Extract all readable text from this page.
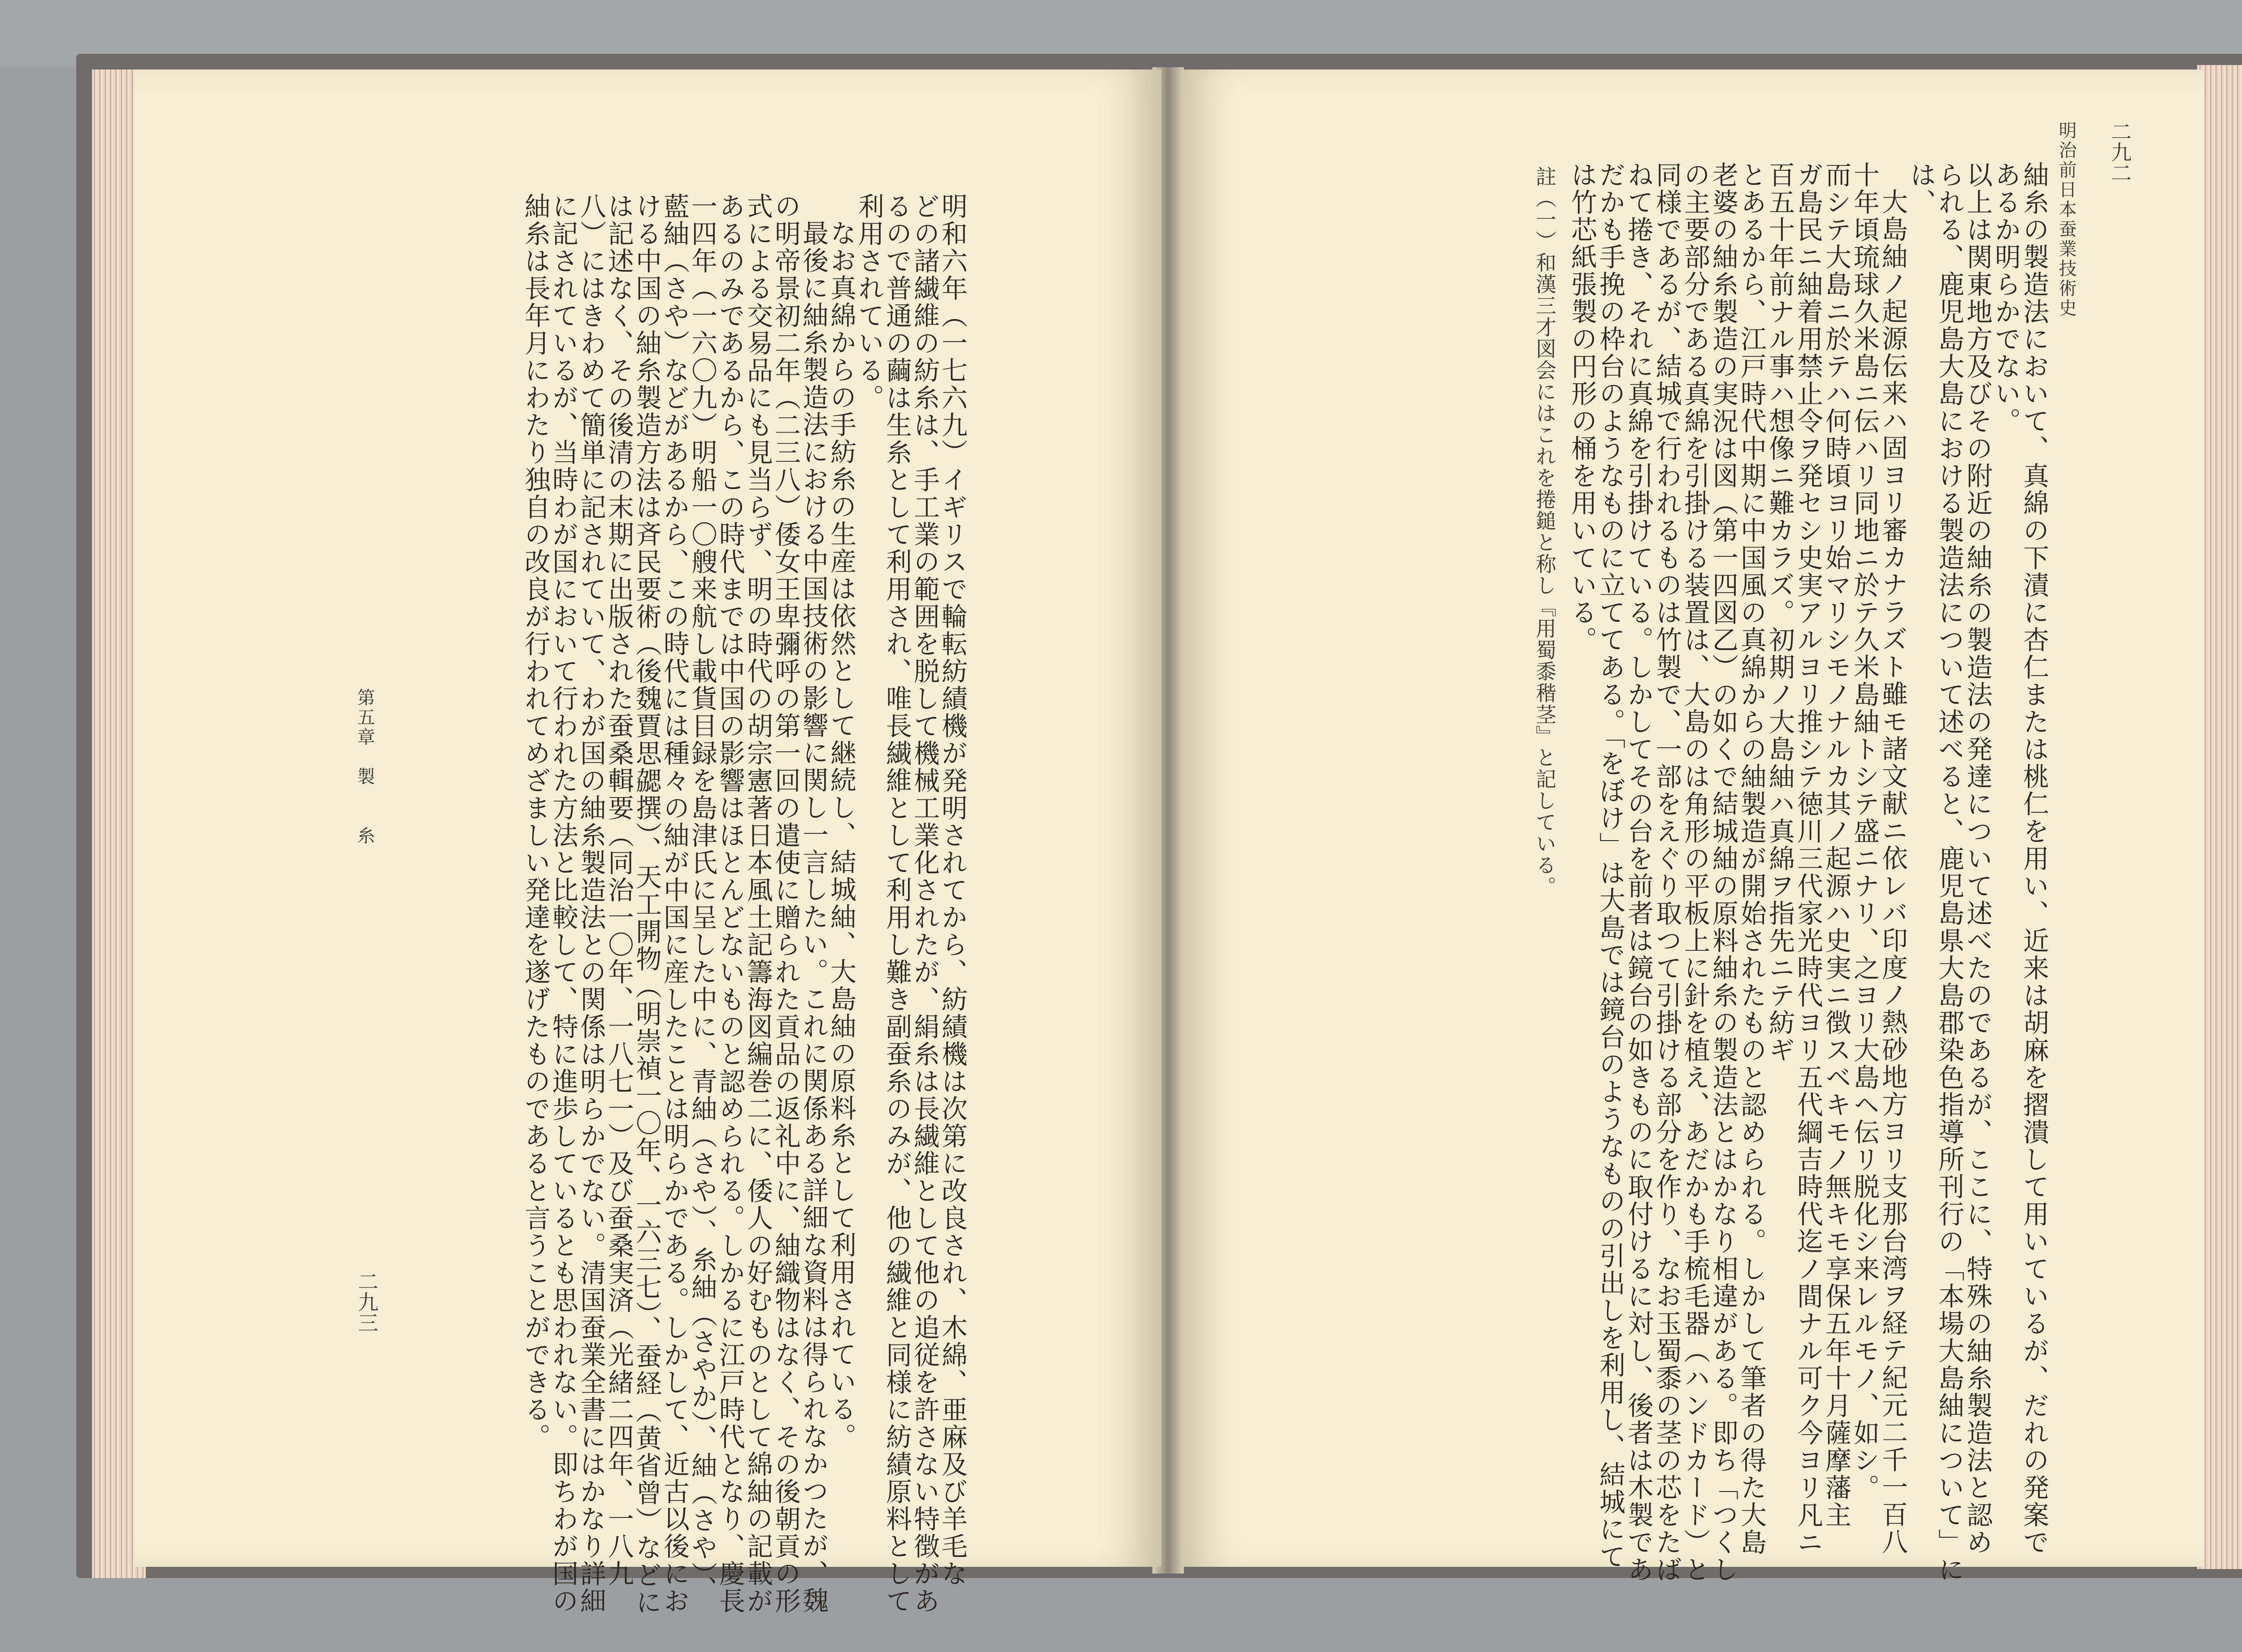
二九二
明治前日本蚕業技術史
紬糸の製造法において、真綿の下漬に杏仁または桃仁を用い、近来は胡麻を摺潰して用いているが、だれの発案で
あるか明らかでない。
以上は関東地方及びその附近の紬糸の製造法の発達について述べたのであるが、ここに、特殊の紬糸製造法と認め
られる、鹿児島大島における製造法について述べると、鹿児島県大島郡染色指導所刊行の「本場大島紬について」に
は、
大島紬ノ起源伝来ハ固ヨリ審カナラズト雖モ諸文献ニ依レバ印度ノ熱砂地方ヨリ支那台湾ヲ経テ紀元二千一百八
十年頃琉球久米島ニ伝ハリ同地ニ於テ久米島紬トシテ盛ニナリ、之ヨリ大島ヘ伝リ脱化シ来レルモノ、如シ。
而シテ大島ニ於テハ何時頃ヨリ始マリシモノナルカ其ノ起源ハ史実ニ徴スベキモノ無キモ享保五年十月薩摩藩主
ガ島民ニ紬着用禁止令ヲ発セシ史実アルヨリ推シテ徳川三代家光時代ヨリ五代綱吉時代迄ノ間ナル可ク今ヨリ凡ニ
百五十年前ナル事ハ想像ニ難カラズ。初期ノ大島紬ハ真綿ヲ指先ニテ紡ギ
とあるから、江戸時代中期に中国風の真綿からの紬製造が開始されたものと認められる。しかして筆者の得た大島
老婆の紬糸製造の実況は図（第一四図乙）の如くで結城紬の原料紬糸の製造法とはかなり相違がある。即ち「つくし
の主要部分である真綿を引掛ける装置は、大島のは角形の平板上に針を植え、あだかも手梳毛器（ハンドカード）と
同様であるが、結城で行われるものは竹製で、一部をえぐり取つて引掛ける部分を作り、なお玉蜀黍の茎の芯をたば
ねて捲き、それに真綿を引掛けている。しかしてその台を前者は鏡台の如きものに取付けるに対し、後者は木製であ
だかも手挽の枠台のようなものに立ててある。「をぼけ」は大島では鏡台のようなものの引出しを利用し、結城にて
は竹芯紙張製の円形の桶を用いている。
註（一）和漢三才図会にはこれを捲鎚と称し『用蜀黍稭茎』と記している。
明和六年（一七六九）イギリスで輪転紡績機が発明されてから、紡績機は次第に改良され、木綿、亜麻及び羊毛な
どの諸繊維の紡糸は、手工業の範囲を脱して機械工業化されたが、絹糸は長繊維として他の追従を許さない特徴があ
るので普通の繭は生糸として利用され、唯長繊維として利用し難き副蚕糸のみが、他の繊維と同様に紡績原料として
利用されている。
なお真綿からの手紡糸の生産は依然として継続し、結城紬、大島紬の原料糸として利用されている。
最後に紬糸製造法における中国技術の影響に関し一言したい。これに関係ある詳細な資料は得られなかつたが、魏
の明帝景初二年（二三八）倭女王卑彌呼の第一回の遣使に贈られた貢品の返礼中に、紬織物はなく、その後朝貢の形
式による交易品にも見当らず、明の時代の胡宗憲著日本風土記籌海図編巻二に、倭人の好むものとして綿紬の記載が
あるのみであるから、この時代までは中国の影響はほとんどないものと認められる。しかるに江戸時代となり、慶長
一四年（一六〇九）明船一〇艘来航し載貨目録を島津氏に呈した中に、青紬（さや）、糸紬（さやか）、紬（さや）、
藍紬（さや）などがあるから、この時代には種々の紬が中国に産したことは明らかである。しかして、近古以後にお
ける中国の紬糸製造方法は斉民要術（後魏賈思勰撰）、天工開物（明崇禎一〇年、一六三七）、蚕経（黄省曾）などに
は記述なく、その後清の末期に出版された蚕桑輯要（同治一〇年、一八七一）及び蚕桑実済（光緒二四年、一八九
八）にはきわめて簡単に記されていて、わが国の紬糸製造法との関係は明らかでない。清国蚕業全書にはかなり詳細
に記されているが、当時わが国において行われた方法と比較して、特に進歩しているとも思われない。即ちわが国の
紬糸は長年月にわたり独自の改良が行われてめざましい発達を遂げたものであると言うことができる。
第五章　製　　糸
二九三
